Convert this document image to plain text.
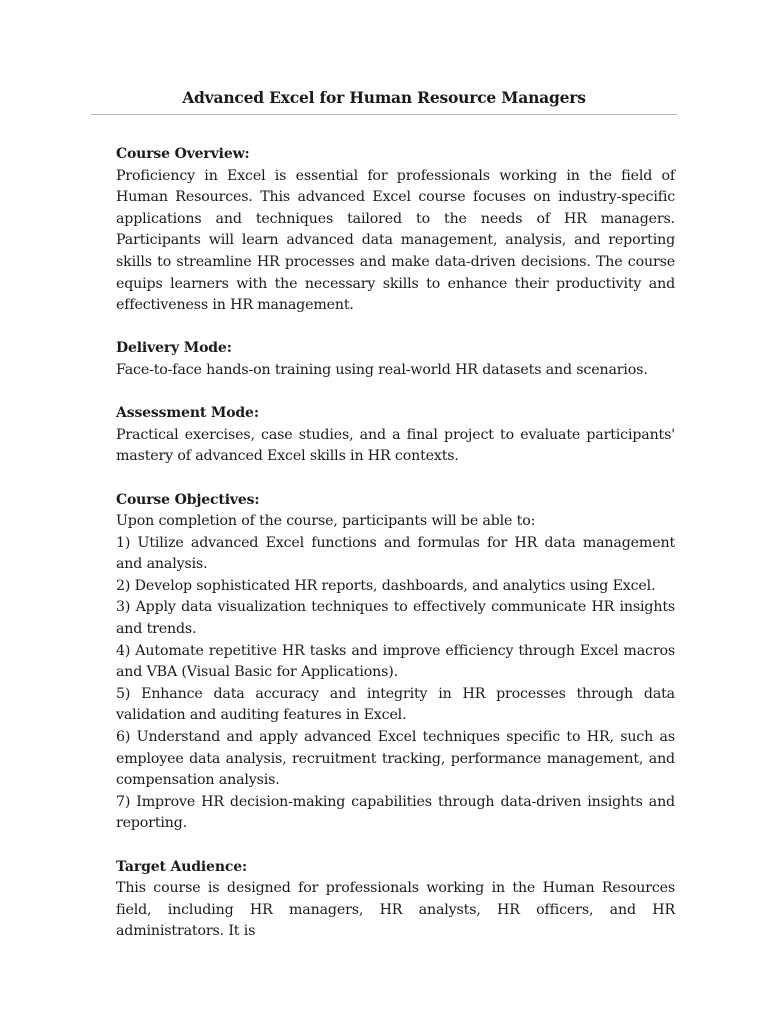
Advanced Excel for Human Resource Managers
Course Overview:
Proficiency in Excel is essential for professionals working in the field of Human Resources. This advanced Excel course focuses on industry-specific applications and techniques tailored to the needs of HR managers. Participants will learn advanced data management, analysis, and reporting skills to streamline HR processes and make data-driven decisions. The course equips learners with the necessary skills to enhance their productivity and effectiveness in HR management.
Delivery Mode:
Face-to-face hands-on training using real-world HR datasets and scenarios.
Assessment Mode:
Practical exercises, case studies, and a final project to evaluate participants' mastery of advanced Excel skills in HR contexts.
Course Objectives:
Upon completion of the course, participants will be able to:
1) Utilize advanced Excel functions and formulas for HR data management and analysis.
2) Develop sophisticated HR reports, dashboards, and analytics using Excel.
3) Apply data visualization techniques to effectively communicate HR insights and trends.
4) Automate repetitive HR tasks and improve efficiency through Excel macros and VBA (Visual Basic for Applications).
5) Enhance data accuracy and integrity in HR processes through data validation and auditing features in Excel.
6) Understand and apply advanced Excel techniques specific to HR, such as employee data analysis, recruitment tracking, performance management, and compensation analysis.
7) Improve HR decision-making capabilities through data-driven insights and reporting.
Target Audience:
This course is designed for professionals working in the Human Resources field, including HR managers, HR analysts, HR officers, and HR administrators. It is
